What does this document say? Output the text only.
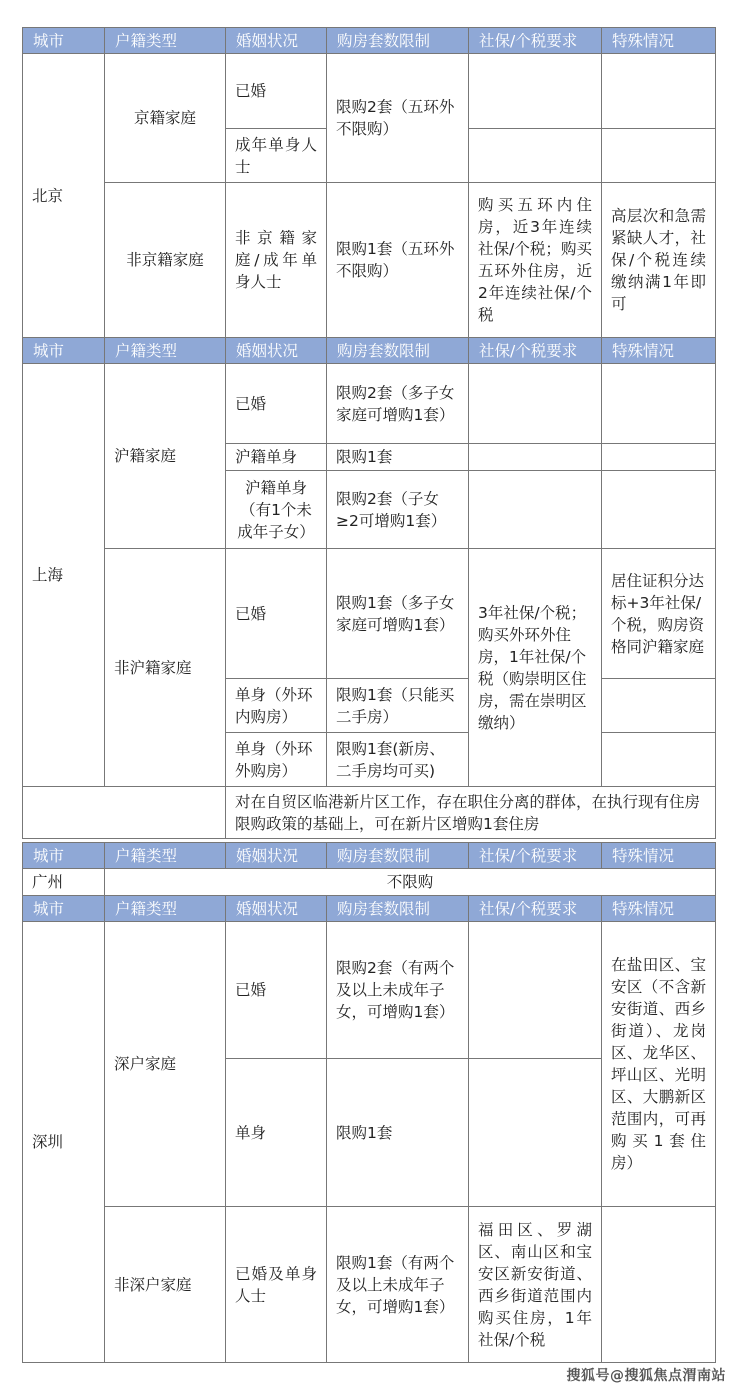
城市	户籍类型	婚姻状况	购房套数限制	社保/个税要求	特殊情况
北京	京籍家庭	已婚	限购2套（五环外不限购）		
		成年单身人士			
	非京籍家庭	非京籍家庭/成年单身人士	限购1套（五环外不限购）	购买五环内住房，近3年连续社保/个税；购买五环外住房，近2年连续社保/个税	高层次和急需紧缺人才，社保/个税连续缴纳满1年即可
城市	户籍类型	婚姻状况	购房套数限制	社保/个税要求	特殊情况
上海	沪籍家庭	已婚	限购2套（多子女家庭可增购1套）		
		沪籍单身	限购1套		
		沪籍单身（有1个未成年子女）	限购2套（子女≥2可增购1套）		
	非沪籍家庭	已婚	限购1套（多子女家庭可增购1套）	3年社保/个税；购买外环外住房，1年社保/个税（购崇明区住房，需在崇明区缴纳）	居住证积分达标+3年社保/个税，购房资格同沪籍家庭
		单身（外环内购房）	限购1套（只能买二手房）		
		单身（外环外购房）	限购1套(新房、二手房均可买)		
		对在自贸区临港新片区工作，存在职住分离的群体，在执行现有住房限购政策的基础上，可在新片区增购1套住房			
城市	户籍类型	婚姻状况	购房套数限制	社保/个税要求	特殊情况
广州	不限购				
城市	户籍类型	婚姻状况	购房套数限制	社保/个税要求	特殊情况
深圳	深户家庭	已婚	限购2套（有两个及以上未成年子女，可增购1套）		在盐田区、宝安区（不含新安街道、西乡街道）、龙岗区、龙华区、坪山区、光明区、大鹏新区范围内，可再购买1套住房）
		单身	限购1套		
	非深户家庭	已婚及单身人士	限购1套（有两个及以上未成年子女，可增购1套）	福田区、罗湖区、南山区和宝安区新安街道、西乡街道范围内购买住房，1年社保/个税	
搜狐号@搜狐焦点渭南站
